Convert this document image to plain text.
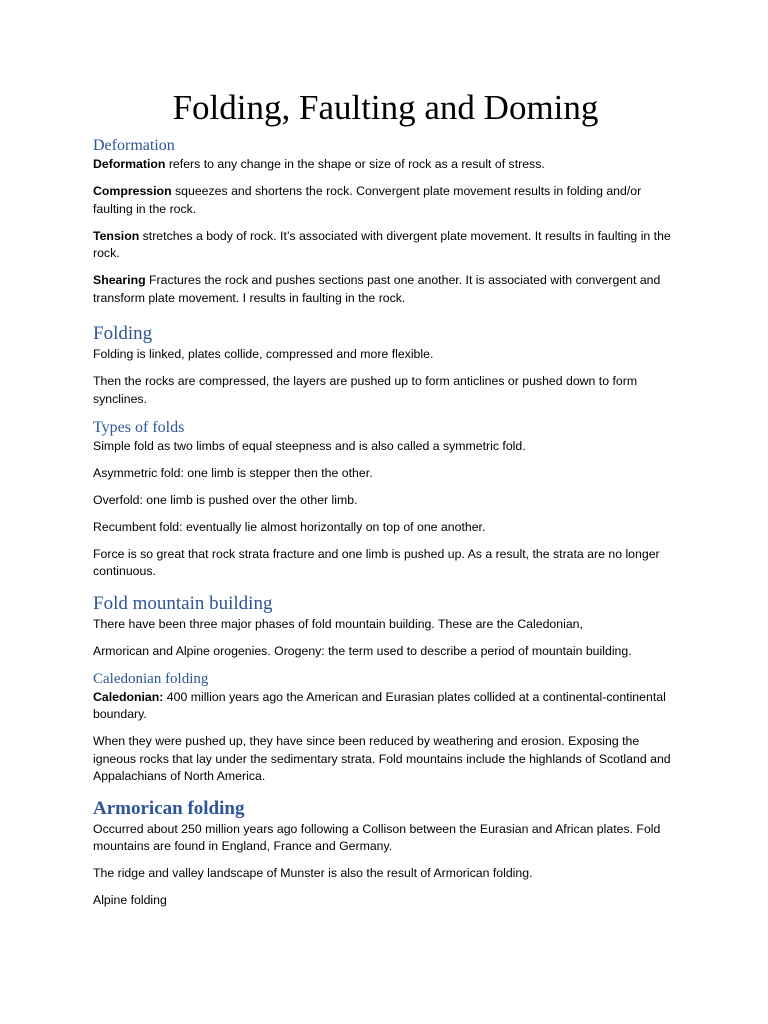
Folding, Faulting and Doming
Deformation

Deformation refers to any change in the shape or size of rock as a result of stress.

Compression squeezes and shortens the rock. Convergent plate movement results in folding and/or faulting in the rock.

Tension stretches a body of rock. It’s associated with divergent plate movement. It results in faulting in the rock.

Shearing Fractures the rock and pushes sections past one another. It is associated with convergent and transform plate movement. I results in faulting in the rock.

Folding

Folding is linked, plates collide, compressed and more flexible.

Then the rocks are compressed, the layers are pushed up to form anticlines or pushed down to form synclines.

Types of folds

Simple fold as two limbs of equal steepness and is also called a symmetric fold.

Asymmetric fold: one limb is stepper then the other.

Overfold: one limb is pushed over the other limb.

Recumbent fold: eventually lie almost horizontally on top of one another.

Force is so great that rock strata fracture and one limb is pushed up. As a result, the strata are no longer continuous.

Fold mountain building

There have been three major phases of fold mountain building. These are the Caledonian,

Armorican and Alpine orogenies. Orogeny: the term used to describe a period of mountain building.

Caledonian folding

Caledonian: 400 million years ago the American and Eurasian plates collided at a continental-continental boundary.

When they were pushed up, they have since been reduced by weathering and erosion. Exposing the igneous rocks that lay under the sedimentary strata. Fold mountains include the highlands of Scotland and Appalachians of North America.

Armorican folding

Occurred about 250 million years ago following a Collison between the Eurasian and African plates. Fold mountains are found in England, France and Germany.

The ridge and valley landscape of Munster is also the result of Armorican folding.

Alpine folding
